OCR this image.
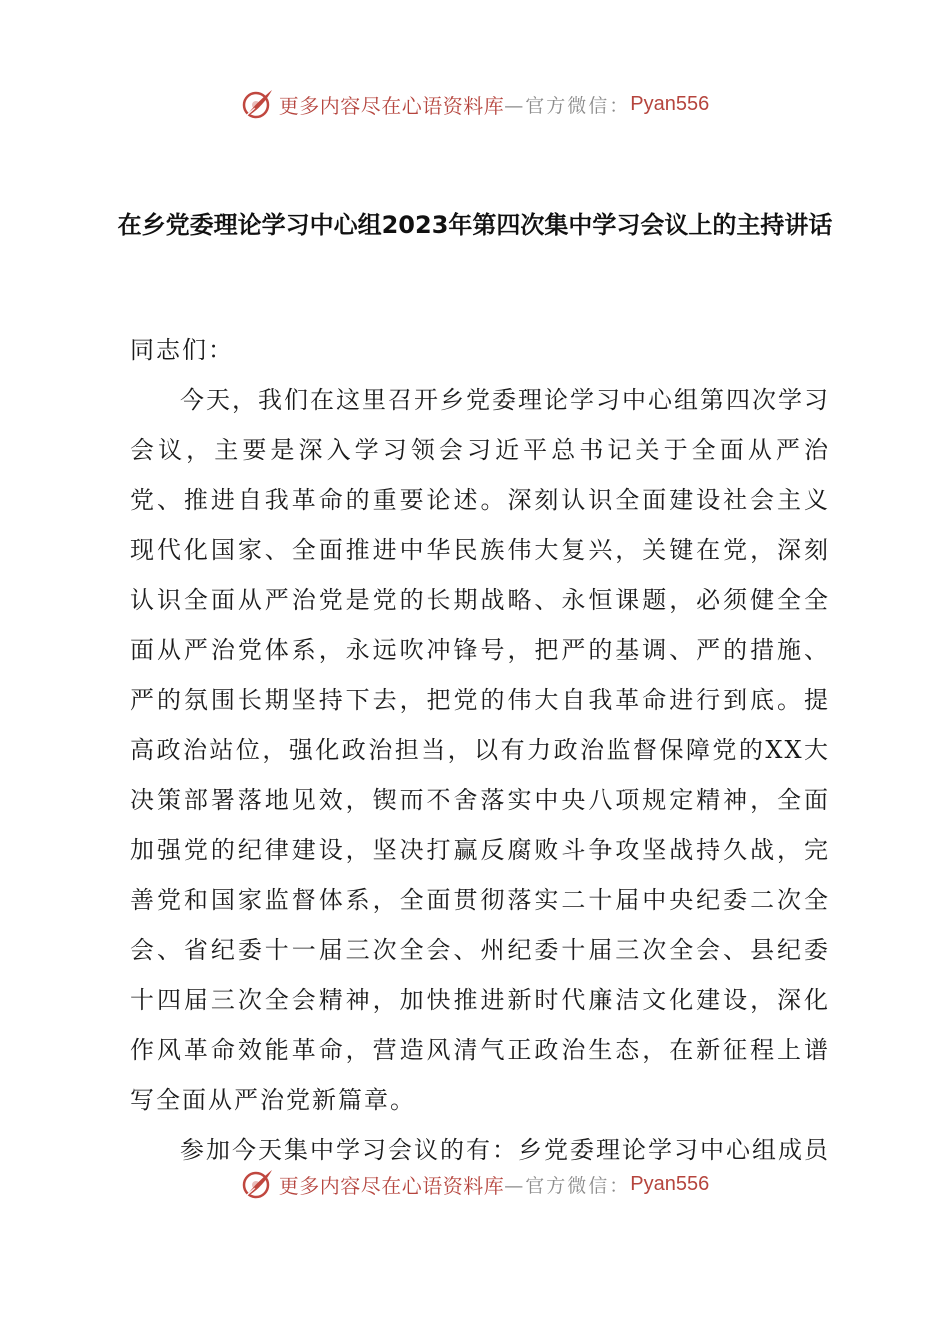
更多内容尽在心语资料库 —官方微信： Pyan556
在乡党委理论学习中心组2023年第四次集中学习会议上的主持讲话

同志们：

今天，我们在这里召开乡党委理论学习中心组第四次学习会议，主要是深入学习领会习近平总书记关于全面从严治党、推进自我革命的重要论述。深刻认识全面建设社会主义现代化国家、全面推进中华民族伟大复兴，关键在党，深刻认识全面从严治党是党的长期战略、永恒课题，必须健全全面从严治党体系，永远吹冲锋号，把严的基调、严的措施、严的氛围长期坚持下去，把党的伟大自我革命进行到底。提高政治站位，强化政治担当，以有力政治监督保障党的XX大决策部署落地见效，锲而不舍落实中央八项规定精神，全面加强党的纪律建设，坚决打赢反腐败斗争攻坚战持久战，完善党和国家监督体系，全面贯彻落实二十届中央纪委二次全会、省纪委十一届三次全会、州纪委十届三次全会、县纪委十四届三次全会精神，加快推进新时代廉洁文化建设，深化作风革命效能革命，营造风清气正政治生态，在新征程上谱写全面从严治党新篇章。

参加今天集中学习会议的有：乡党委理论学习中心组成员

更多内容尽在心语资料库 —官方微信： Pyan556
